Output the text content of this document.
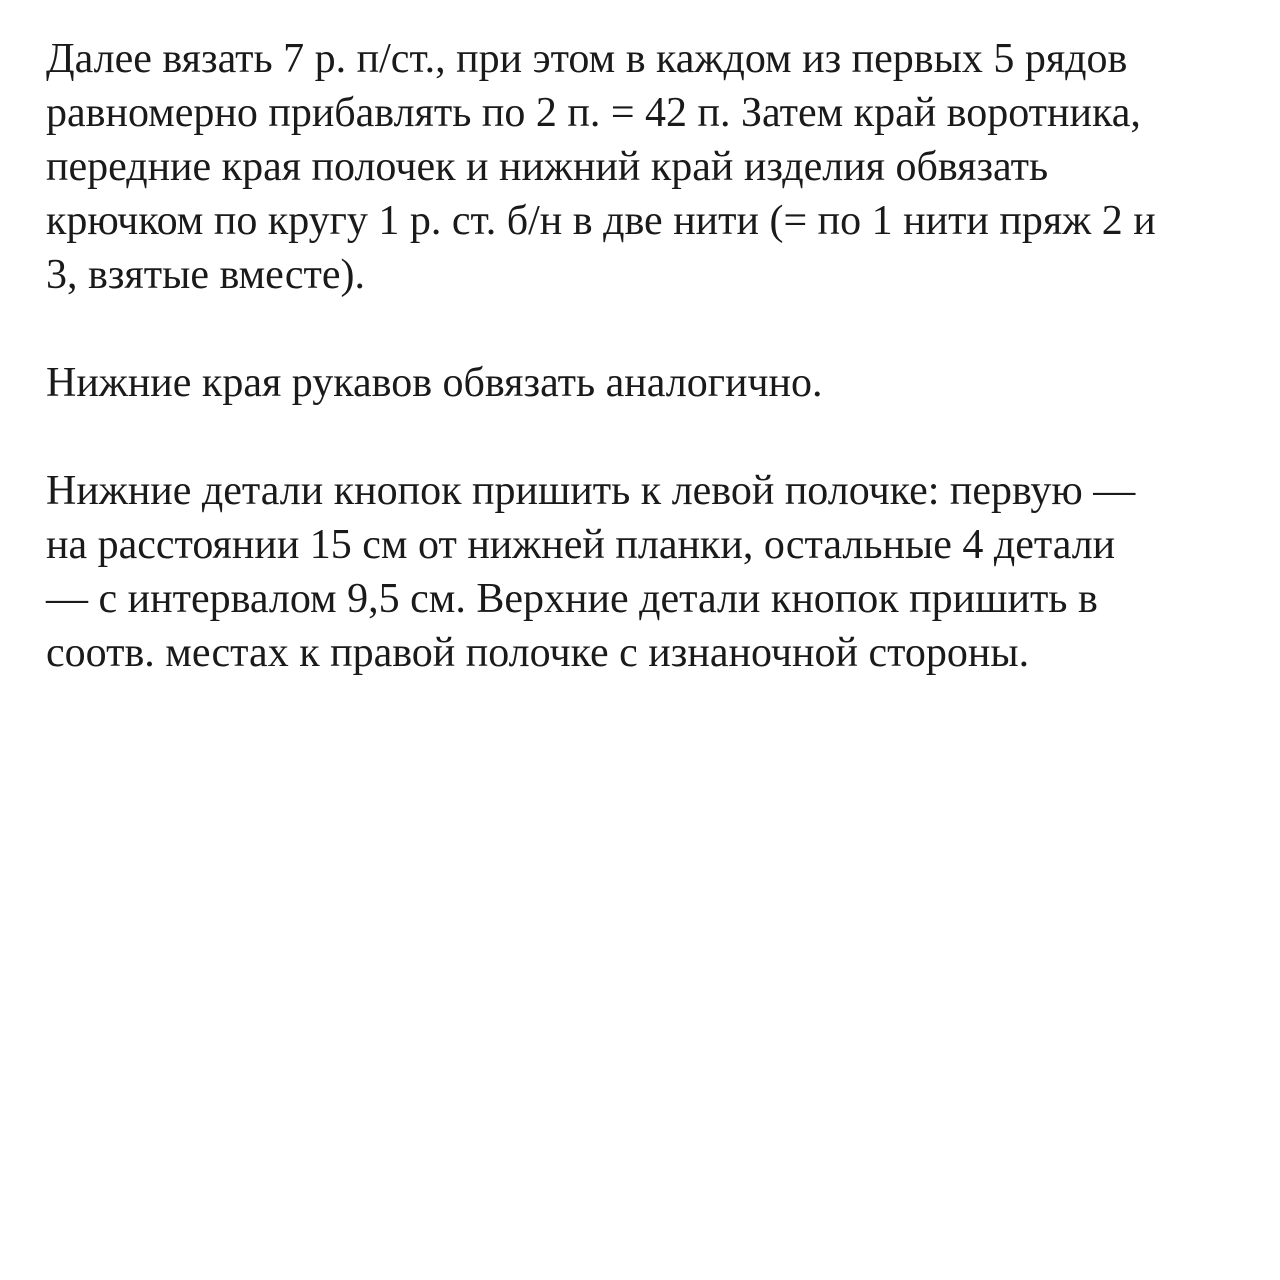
Далее вязать 7 р. п/ст., при этом в каждом из первых 5 рядов
равномерно прибавлять по 2 п. = 42 п. Затем край воротника,
передние края полочек и нижний край изделия обвязать
крючком по кругу 1 р. ст. б/н в две нити (= по 1 нити пряж 2 и
3, взятые вместе).

Нижние края рукавов обвязать аналогично.

Нижние детали кнопок пришить к левой полочке: первую —
на расстоянии 15 см от нижней планки, остальные 4 детали
— с интервалом 9,5 см. Верхние детали кнопок пришить в
соотв. местах к правой полочке с изнаночной стороны.
